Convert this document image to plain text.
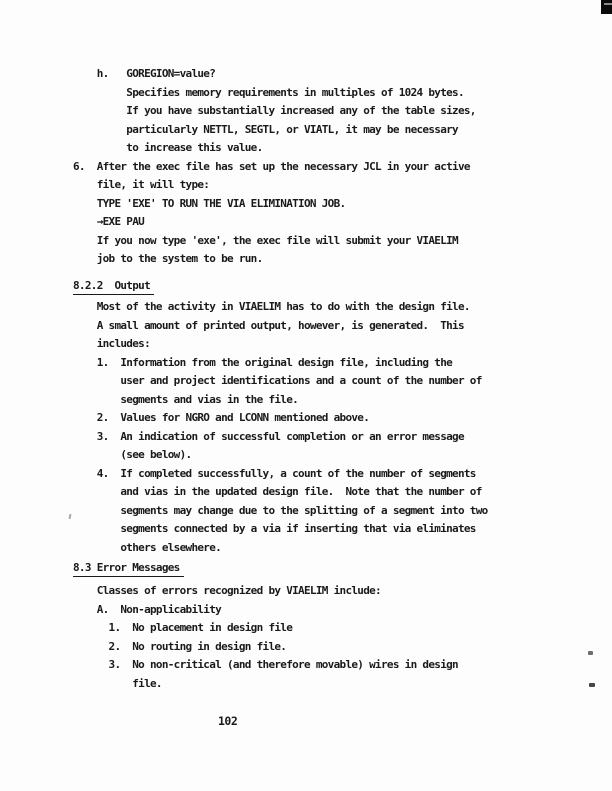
h.   GOREGION=value?
Specifies memory requirements in multiples of 1024 bytes.
If you have substantially increased any of the table sizes,
particularly NETTL, SEGTL, or VIATL, it may be necessary
to increase this value.
6.  After the exec file has set up the necessary JCL in your active
file, it will type:
TYPE 'EXE' TO RUN THE VIA ELIMINATION JOB.
→EXE PAU
If you now type 'exe', the exec file will submit your VIAELIM
job to the system to be run.
8.2.2  Output
Most of the activity in VIAELIM has to do with the design file.
A small amount of printed output, however, is generated.  This
includes:
1.  Information from the original design file, including the
user and project identifications and a count of the number of
segments and vias in the file.
2.  Values for NGRO and LCONN mentioned above.
3.  An indication of successful completion or an error message
(see below).
4.  If completed successfully, a count of the number of segments
and vias in the updated design file.  Note that the number of
segments may change due to the splitting of a segment into two
segments connected by a via if inserting that via eliminates
others elsewhere.
8.3 Error Messages
Classes of errors recognized by VIAELIM include:
A.  Non-applicability
1.  No placement in design file
2.  No routing in design file.
3.  No non-critical (and therefore movable) wires in design
file.
102
